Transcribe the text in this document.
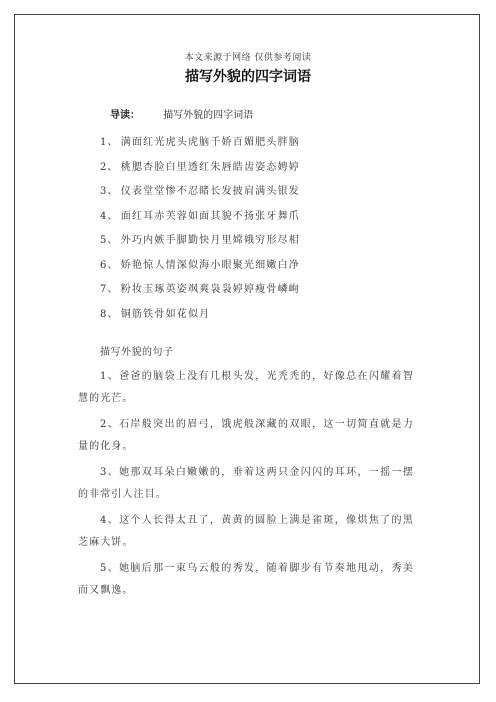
本文来源于网络 仅供参考阅读
描写外貌的四字词语
导读： 描写外貌的四字词语
1、 满面红光虎头虎脑千娇百媚肥头胖脑
2、 桃腮杏脸白里透红朱唇皓齿姿态娉婷
3、 仪表堂堂惨不忍睹长发披肩满头银发
4、 面红耳赤芙蓉如面其貌不扬张牙舞爪
5、 外巧内嫉手脚勤快月里嫦娥穷形尽相
6、 娇艳惊人情深似海小眼聚光细嫩白净
7、 粉妆玉琢英姿飒爽袅袅婷婷瘦骨嶙峋
8、 铜筋铁骨如花似月
描写外貌的句子

1、爸爸的脑袋上没有几根头发，光秃秃的，好像总在闪耀着智慧的光芒。

2、石岸般突出的眉弓，饿虎般深藏的双眼，这一切简直就是力量的化身。

3、她那双耳朵白嫩嫩的，垂着这两只金闪闪的耳环，一摇一摆的非常引人注目。

4、这个人长得太丑了，黄黄的圆脸上满是雀斑，像烘焦了的黑芝麻大饼。

5、她脑后那一束乌云般的秀发，随着脚步有节奏地甩动，秀美而又飘逸。
